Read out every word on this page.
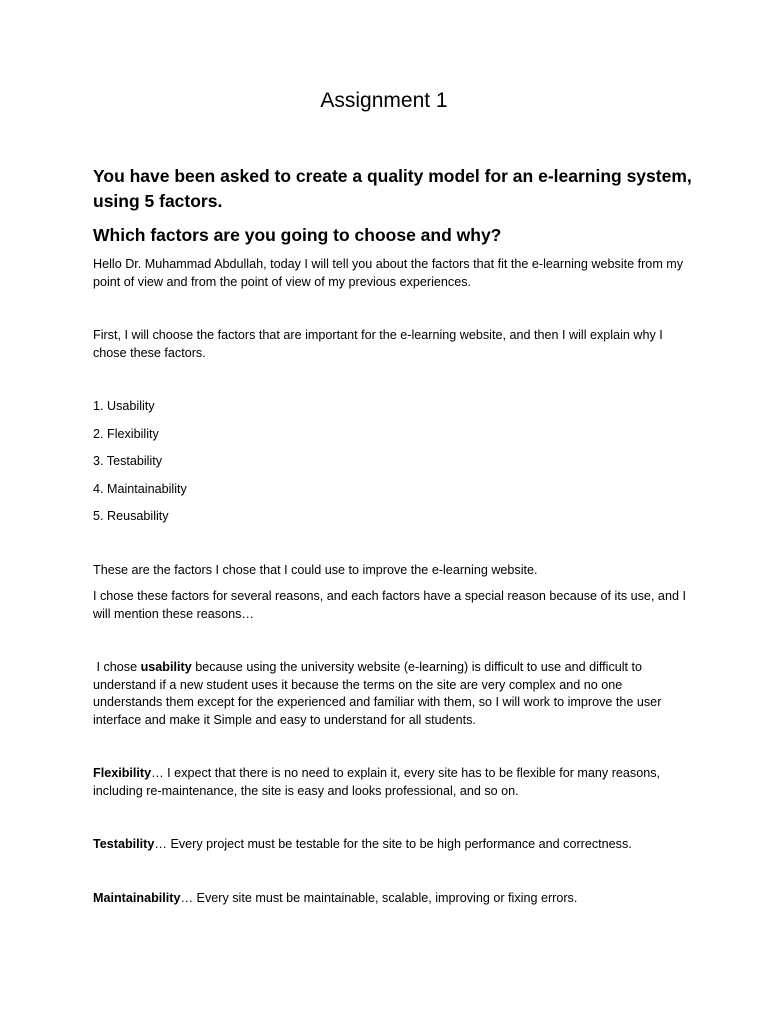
Assignment 1

You have been asked to create a quality model for an e-learning system, using 5 factors.

Which factors are you going to choose and why?

Hello Dr. Muhammad Abdullah, today I will tell you about the factors that fit the e-learning website from my point of view and from the point of view of my previous experiences.

First, I will choose the factors that are important for the e-learning website, and then I will explain why I chose these factors.

1. Usability
2. Flexibility
3. Testability
4. Maintainability
5. Reusability

These are the factors I chose that I could use to improve the e-learning website.

I chose these factors for several reasons, and each factors have a special reason because of its use, and I will mention these reasons…

I chose usability because using the university website (e-learning) is difficult to use and difficult to understand if a new student uses it because the terms on the site are very complex and no one understands them except for the experienced and familiar with them, so I will work to improve the user interface and make it Simple and easy to understand for all students.

Flexibility… I expect that there is no need to explain it, every site has to be flexible for many reasons, including re-maintenance, the site is easy and looks professional, and so on.

Testability… Every project must be testable for the site to be high performance and correctness.

Maintainability… Every site must be maintainable, scalable, improving or fixing errors.
